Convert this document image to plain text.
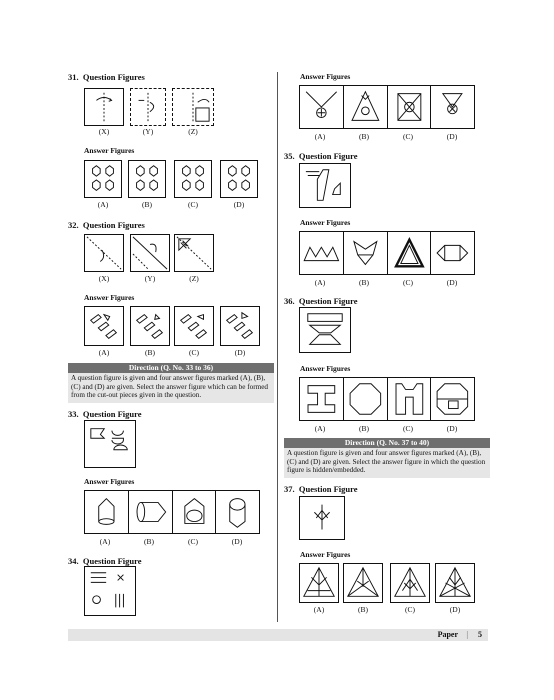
31. Question Figures
(X)	(Y)	(Z)
Answer Figures
(A)	(B)	(C)	(D)
32. Question Figures
(X)	(Y)	(Z)
Answer Figures
(A)	(B)	(C)	(D)
Direction (Q. No. 33 to 36)
A question figure is given and four answer figures marked (A), (B), (C) and (D) are given. Select the answer figure which can be formed from the cut-out pieces given in the question.
33. Question Figure
Answer Figures
(A)	(B)	(C)	(D)
34. Question Figure
Answer Figures
(A)	(B)	(C)	(D)
35. Question Figure
Answer Figures
(A)	(B)	(C)	(D)
36. Question Figure
Answer Figures
(A)	(B)	(C)	(D)
Direction (Q. No. 37 to 40)
A question figure is given and four answer figures marked (A), (B), (C) and (D) are given. Select the answer figure in which the question figure is hidden/embedded.
37. Question Figure
Answer Figures
(A)	(B)	(C)	(D)
Paper | 5
